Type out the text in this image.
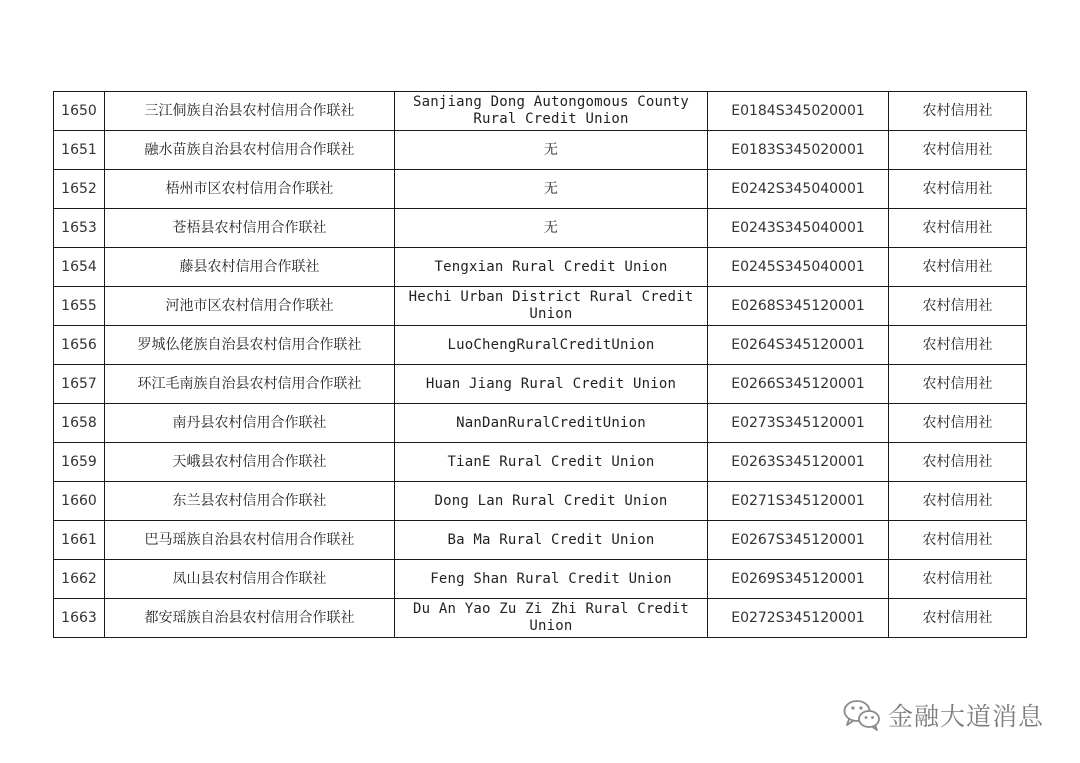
1650	三江侗族自治县农村信用合作联社	Sanjiang Dong Autongomous County Rural Credit Union	E0184S345020001	农村信用社
1651	融水苗族自治县农村信用合作联社	无	E0183S345020001	农村信用社
1652	梧州市区农村信用合作联社	无	E0242S345040001	农村信用社
1653	苍梧县农村信用合作联社	无	E0243S345040001	农村信用社
1654	藤县农村信用合作联社	Tengxian Rural Credit Union	E0245S345040001	农村信用社
1655	河池市区农村信用合作联社	Hechi Urban District Rural Credit Union	E0268S345120001	农村信用社
1656	罗城仫佬族自治县农村信用合作联社	LuoChengRuralCreditUnion	E0264S345120001	农村信用社
1657	环江毛南族自治县农村信用合作联社	Huan Jiang Rural Credit Union	E0266S345120001	农村信用社
1658	南丹县农村信用合作联社	NanDanRuralCreditUnion	E0273S345120001	农村信用社
1659	天峨县农村信用合作联社	TianE Rural Credit Union	E0263S345120001	农村信用社
1660	东兰县农村信用合作联社	Dong Lan Rural Credit Union	E0271S345120001	农村信用社
1661	巴马瑶族自治县农村信用合作联社	Ba Ma Rural Credit Union	E0267S345120001	农村信用社
1662	凤山县农村信用合作联社	Feng Shan Rural Credit Union	E0269S345120001	农村信用社
1663	都安瑶族自治县农村信用合作联社	Du An Yao Zu Zi Zhi Rural Credit Union	E0272S345120001	农村信用社
金融大道消息
